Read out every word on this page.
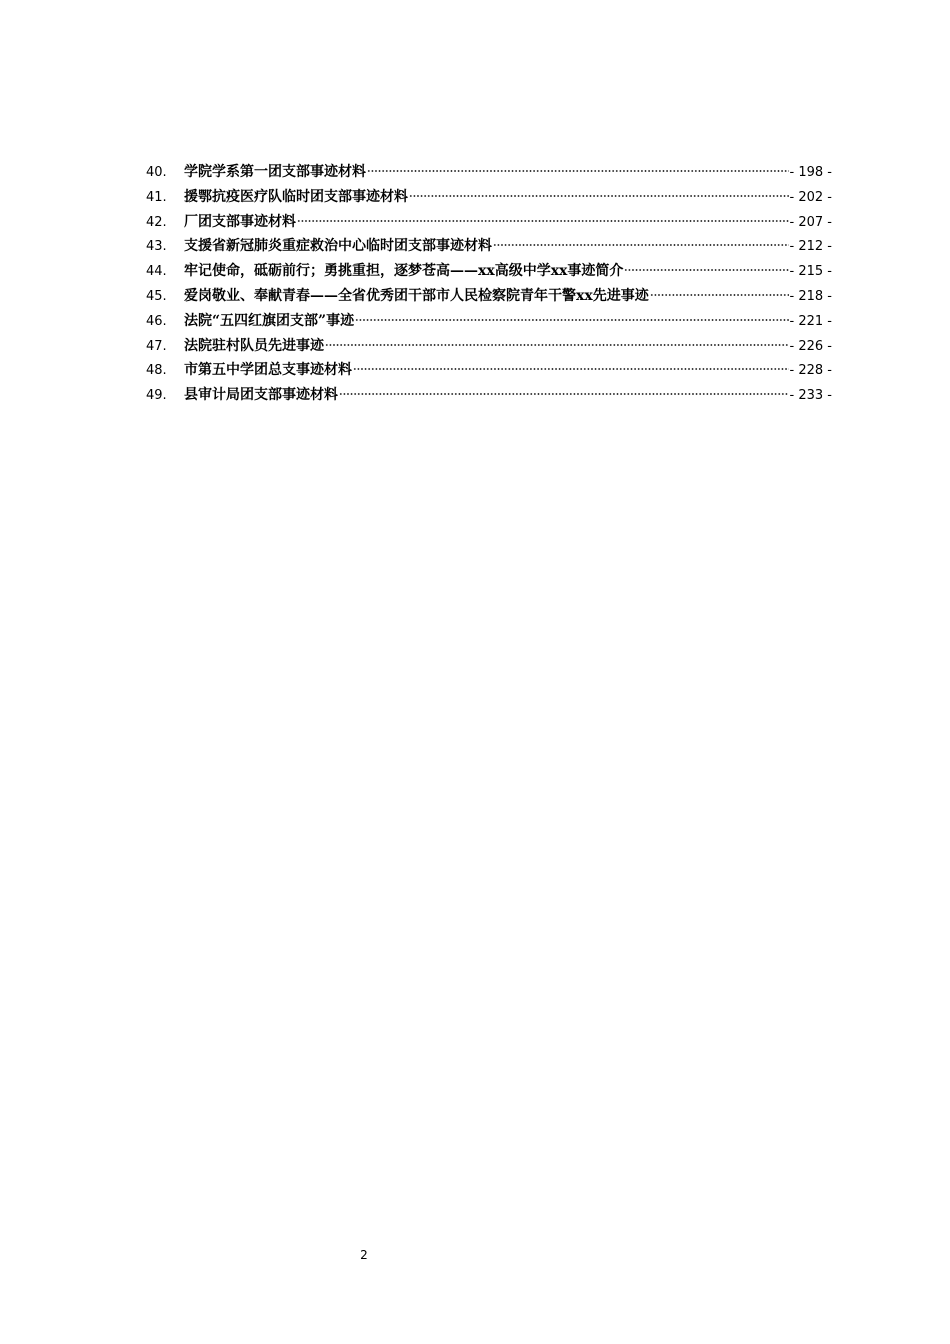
40.	学院学系第一团支部事迹材料	- 198 -
41.	援鄂抗疫医疗队临时团支部事迹材料	- 202 -
42.	厂团支部事迹材料	- 207 -
43.	支援省新冠肺炎重症救治中心临时团支部事迹材料	- 212 -
44.	牢记使命，砥砺前行；勇挑重担，逐梦苍高——xx高级中学xx事迹简介	- 215 -
45.	爱岗敬业、奉献青春——全省优秀团干部市人民检察院青年干警xx先进事迹	- 218 -
46.	法院“五四红旗团支部”事迹	- 221 -
47.	法院驻村队员先进事迹	- 226 -
48.	市第五中学团总支事迹材料	- 228 -
49.	县审计局团支部事迹材料	- 233 -
2
